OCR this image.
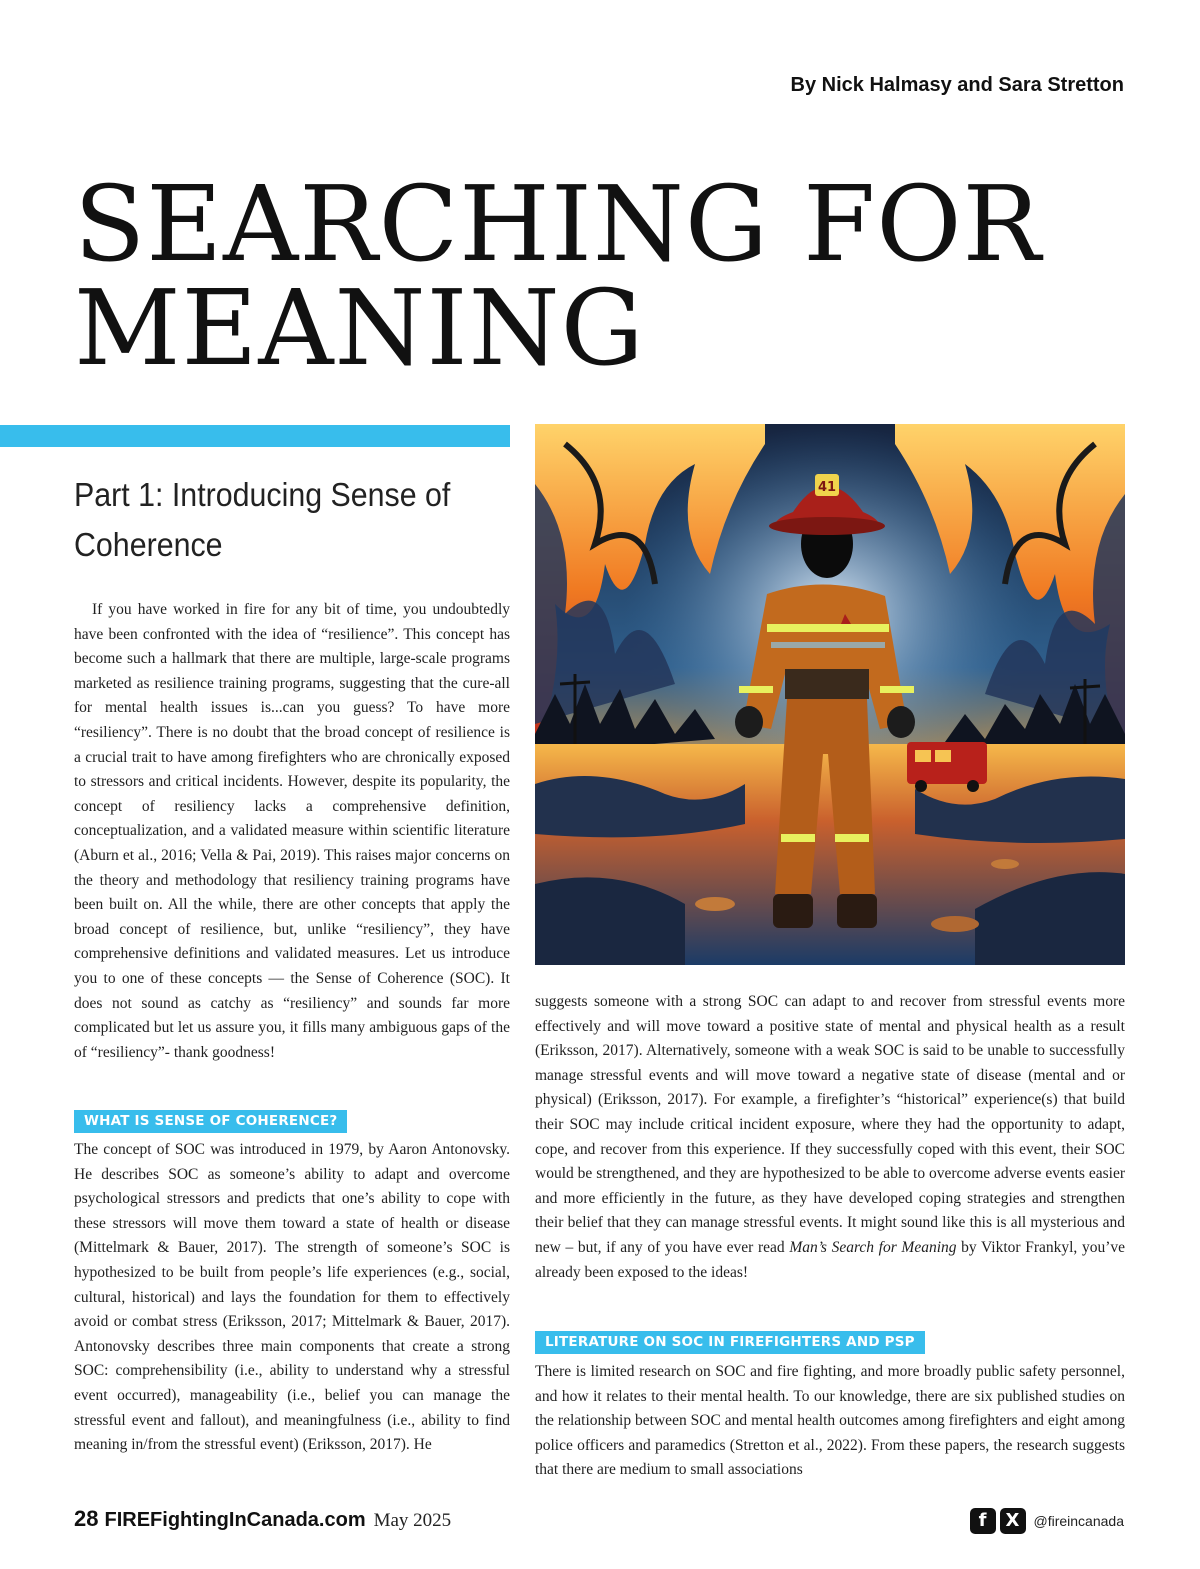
By Nick Halmasy and Sara Stretton
SEARCHING FOR
MEANING
Part 1: Introducing Sense of Coherence
41

If you have worked in fire for any bit of time, you undoubtedly have been confronted with the idea of “resilience”. This concept has become such a hallmark that there are multiple, large-scale programs marketed as resilience training programs, suggesting that the cure-all for mental health issues is...can you guess? To have more “resiliency”. There is no doubt that the broad concept of resilience is a crucial trait to have among firefighters who are chronically exposed to stressors and critical incidents. However, despite its popularity, the concept of resiliency lacks a comprehensive definition, conceptualization, and a validated measure within scientific literature (Aburn et al., 2016; Vella & Pai, 2019). This raises major concerns on the theory and methodology that resiliency training programs have been built on. All the while, there are other concepts that apply the broad concept of resilience, but, unlike “resiliency”, they have comprehensive definitions and validated measures. Let us introduce you to one of these concepts — the Sense of Coherence (SOC). It does not sound as catchy as “resiliency” and sounds far more complicated but let us assure you, it fills many ambiguous gaps of the of “resiliency”- thank goodness!

WHAT IS SENSE OF COHERENCE?

The concept of SOC was introduced in 1979, by Aaron Antonovsky. He describes SOC as someone’s ability to adapt and overcome psychological stressors and predicts that one’s ability to cope with these stressors will move them toward a state of health or disease (Mittelmark & Bauer, 2017). The strength of someone’s SOC is hypothesized to be built from people’s life experiences (e.g., social, cultural, historical) and lays the foundation for them to effectively avoid or combat stress (Eriksson, 2017; Mittelmark & Bauer, 2017). Antonovsky describes three main components that create a strong SOC: comprehensibility (i.e., ability to understand why a stressful event occurred), manageability (i.e., belief you can manage the stressful event and fallout), and meaningfulness (i.e., ability to find meaning in/from the stressful event) (Eriksson, 2017). He

suggests someone with a strong SOC can adapt to and recover from stressful events more effectively and will move toward a positive state of mental and physical health as a result (Eriksson, 2017). Alternatively, someone with a weak SOC is said to be unable to successfully manage stressful events and will move toward a negative state of disease (mental and or physical) (Eriksson, 2017). For example, a firefighter’s “historical” experience(s) that build their SOC may include critical incident exposure, where they had the opportunity to adapt, cope, and recover from this experience. If they successfully coped with this event, their SOC would be strengthened, and they are hypothesized to be able to overcome adverse events easier and more efficiently in the future, as they have developed coping strategies and strengthen their belief that they can manage stressful events. It might sound like this is all mysterious and new – but, if any of you have ever read Man’s Search for Meaning by Viktor Frankyl, you’ve already been exposed to the ideas!

LITERATURE ON SOC IN FIREFIGHTERS AND PSP

There is limited research on SOC and fire fighting, and more broadly public safety personnel, and how it relates to their mental health. To our knowledge, there are six published studies on the relationship between SOC and mental health outcomes among firefighters and eight among police officers and paramedics (Stretton et al., 2022). From these papers, the research suggests that there are medium to small associations

28 FIREFightingInCanada.com May 2025	f	X	@fireincanada
